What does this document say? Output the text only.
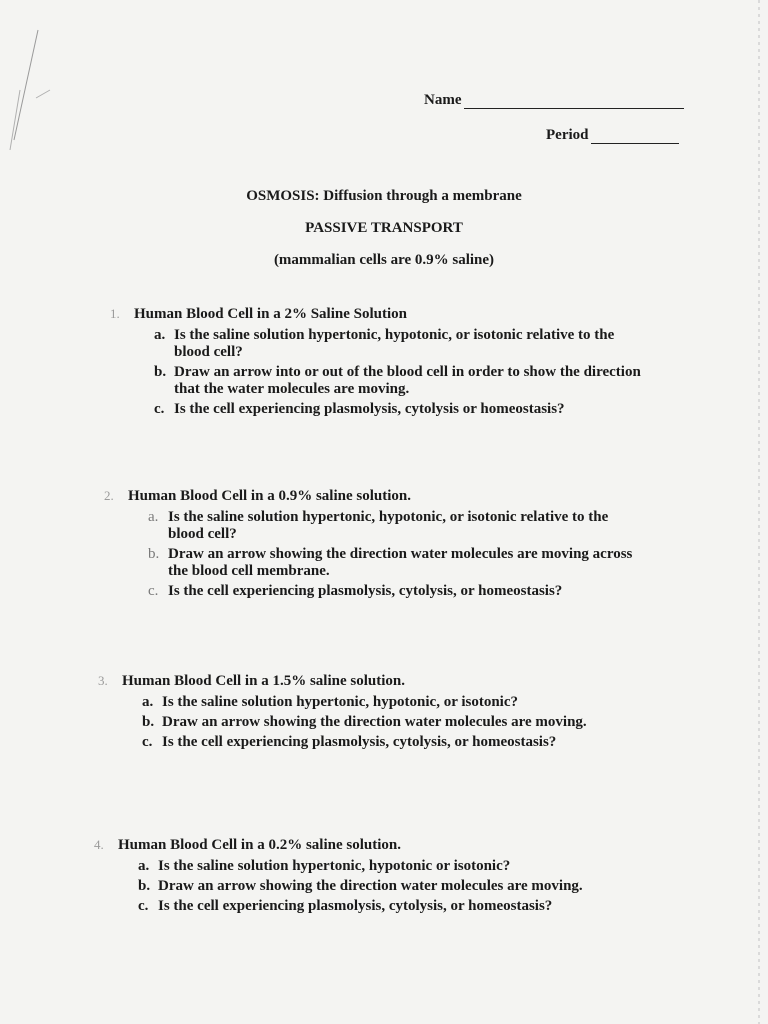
Name
Period
OSMOSIS: Diffusion through a membrane
PASSIVE TRANSPORT
(mammalian cells are 0.9% saline)
1. Human Blood Cell in a 2% Saline Solution
a. Is the saline solution hypertonic, hypotonic, or isotonic relative to the blood cell?
b. Draw an arrow into or out of the blood cell in order to show the direction that the water molecules are moving.
c. Is the cell experiencing plasmolysis, cytolysis or homeostasis?
2. Human Blood Cell in a 0.9% saline solution.
a. Is the saline solution hypertonic, hypotonic, or isotonic relative to the blood cell?
b. Draw an arrow showing the direction water molecules are moving across the blood cell membrane.
c. Is the cell experiencing plasmolysis, cytolysis, or homeostasis?
3. Human Blood Cell in a 1.5% saline solution.
a. Is the saline solution hypertonic, hypotonic, or isotonic?
b. Draw an arrow showing the direction water molecules are moving.
c. Is the cell experiencing plasmolysis, cytolysis, or homeostasis?
4. Human Blood Cell in a 0.2% saline solution.
a. Is the saline solution hypertonic, hypotonic or isotonic?
b. Draw an arrow showing the direction water molecules are moving.
c. Is the cell experiencing plasmolysis, cytolysis, or homeostasis?
